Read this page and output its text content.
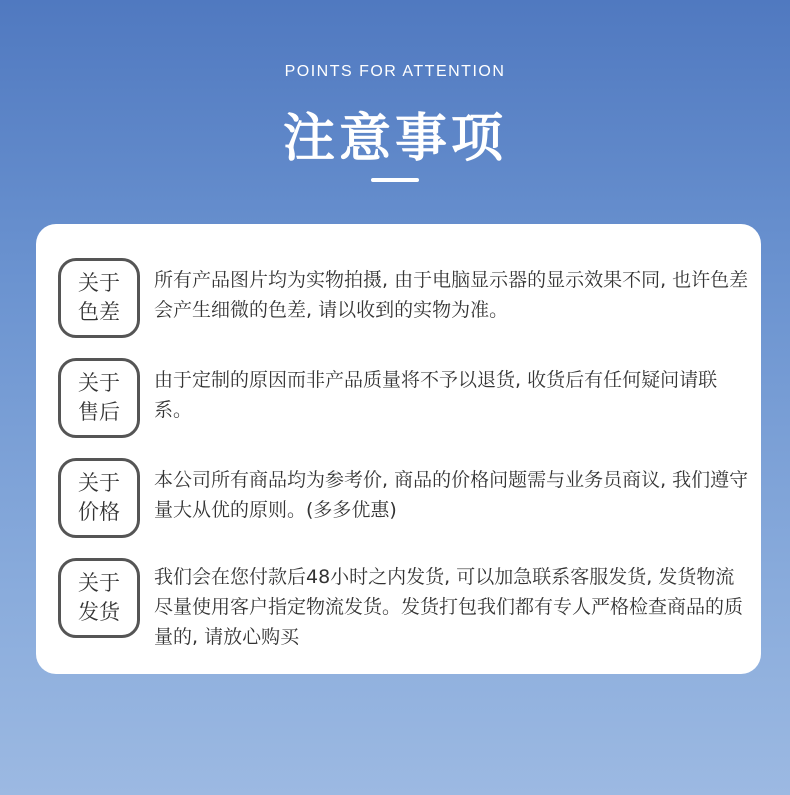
POINTS FOR ATTENTION
注意事项
关于
色差
所有产品图片均为实物拍摄, 由于电脑显示器的显示效果不同, 也许色差会产生细微的色差, 请以收到的实物为准。
关于
售后
由于定制的原因而非产品质量将不予以退货, 收货后有任何疑问请联系。
关于
价格
本公司所有商品均为参考价, 商品的价格问题需与业务员商议, 我们遵守量大从优的原则。(多多优惠)
关于
发货
我们会在您付款后48小时之内发货, 可以加急联系客服发货, 发货物流尽量使用客户指定物流发货。发货打包我们都有专人严格检查商品的质量的, 请放心购买
